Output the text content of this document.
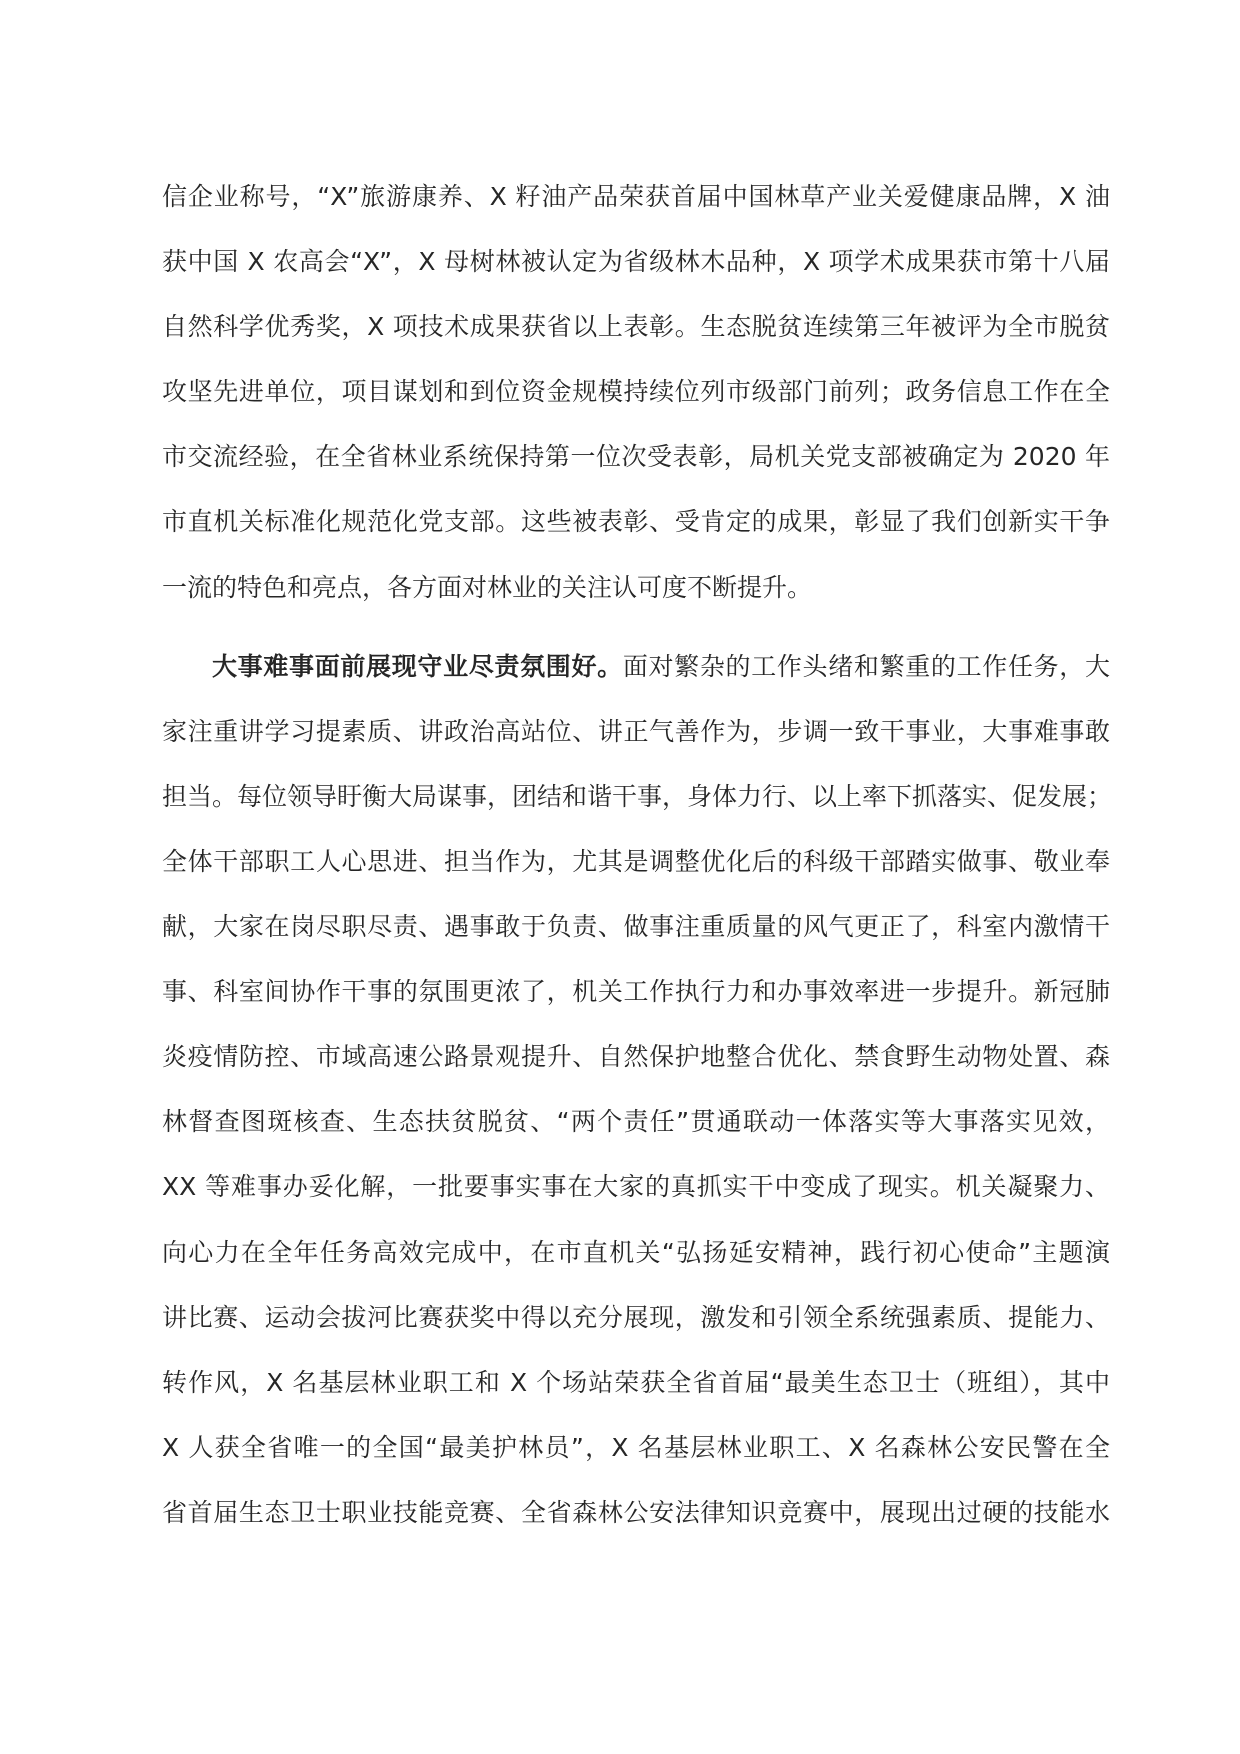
信企业称号，“X”旅游康养、X 籽油产品荣获首届中国林草产业关爱健康品牌，X 油
获中国 X 农高会“X”，X 母树林被认定为省级林木品种，X 项学术成果获市第十八届
自然科学优秀奖，X 项技术成果获省以上表彰。生态脱贫连续第三年被评为全市脱贫
攻坚先进单位，项目谋划和到位资金规模持续位列市级部门前列；政务信息工作在全
市交流经验，在全省林业系统保持第一位次受表彰，局机关党支部被确定为 2020 年
市直机关标准化规范化党支部。这些被表彰、受肯定的成果，彰显了我们创新实干争
一流的特色和亮点，各方面对林业的关注认可度不断提升。
大事难事面前展现守业尽责氛围好。面对繁杂的工作头绪和繁重的工作任务，大
家注重讲学习提素质、讲政治高站位、讲正气善作为，步调一致干事业，大事难事敢
担当。每位领导盱衡大局谋事，团结和谐干事，身体力行、以上率下抓落实、促发展；
全体干部职工人心思进、担当作为，尤其是调整优化后的科级干部踏实做事、敬业奉
献，大家在岗尽职尽责、遇事敢于负责、做事注重质量的风气更正了，科室内激情干
事、科室间协作干事的氛围更浓了，机关工作执行力和办事效率进一步提升。新冠肺
炎疫情防控、市域高速公路景观提升、自然保护地整合优化、禁食野生动物处置、森
林督查图斑核查、生态扶贫脱贫、“两个责任”贯通联动一体落实等大事落实见效，
XX 等难事办妥化解，一批要事实事在大家的真抓实干中变成了现实。机关凝聚力、
向心力在全年任务高效完成中，在市直机关“弘扬延安精神，践行初心使命”主题演
讲比赛、运动会拔河比赛获奖中得以充分展现，激发和引领全系统强素质、提能力、
转作风，X 名基层林业职工和 X 个场站荣获全省首届“最美生态卫士（班组），其中
X 人获全省唯一的全国“最美护林员”，X 名基层林业职工、X 名森林公安民警在全
省首届生态卫士职业技能竞赛、全省森林公安法律知识竞赛中，展现出过硬的技能水
